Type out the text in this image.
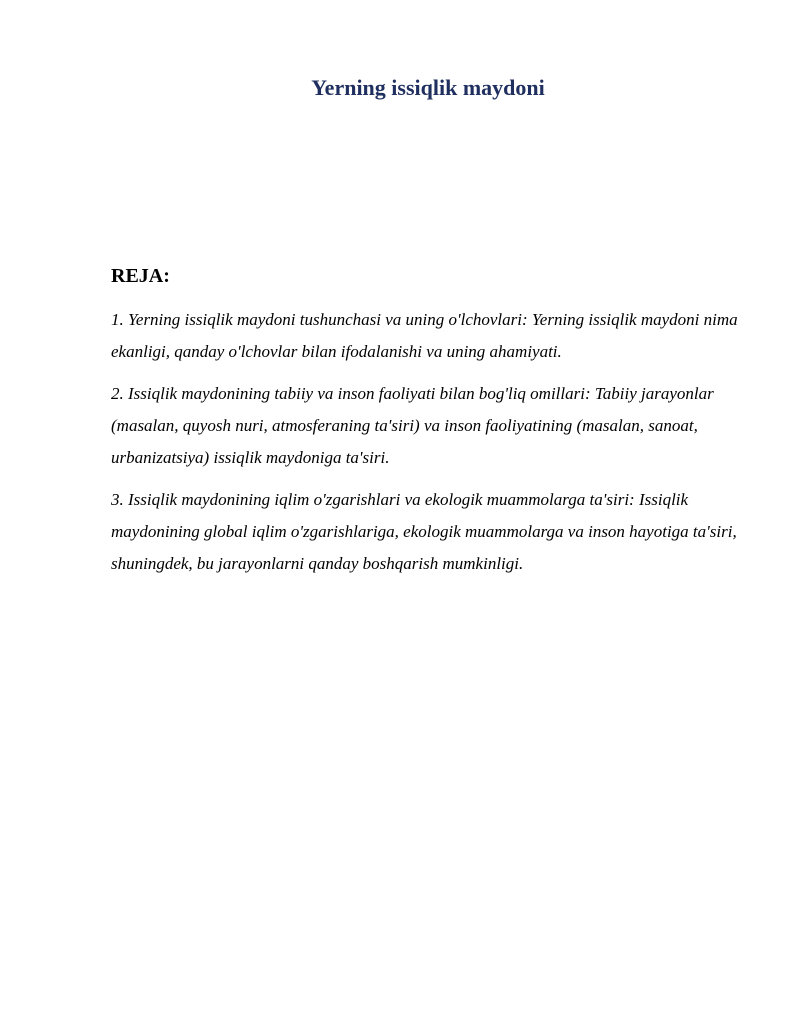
Yerning issiqlik maydoni
REJA:
1. Yerning issiqlik maydoni tushunchasi va uning o'lchovlari: Yerning issiqlik maydoni nima ekanligi, qanday o'lchovlar bilan ifodalanishi va uning ahamiyati.
2. Issiqlik maydonining tabiiy va inson faoliyati bilan bog'liq omillari: Tabiiy jarayonlar (masalan, quyosh nuri, atmosferaning ta'siri) va inson faoliyatining (masalan, sanoat, urbanizatsiya) issiqlik maydoniga ta'siri.
3. Issiqlik maydonining iqlim o'zgarishlari va ekologik muammolarga ta'siri: Issiqlik maydonining global iqlim o'zgarishlariga, ekologik muammolarga va inson hayotiga ta'siri, shuningdek, bu jarayonlarni qanday boshqarish mumkinligi.
